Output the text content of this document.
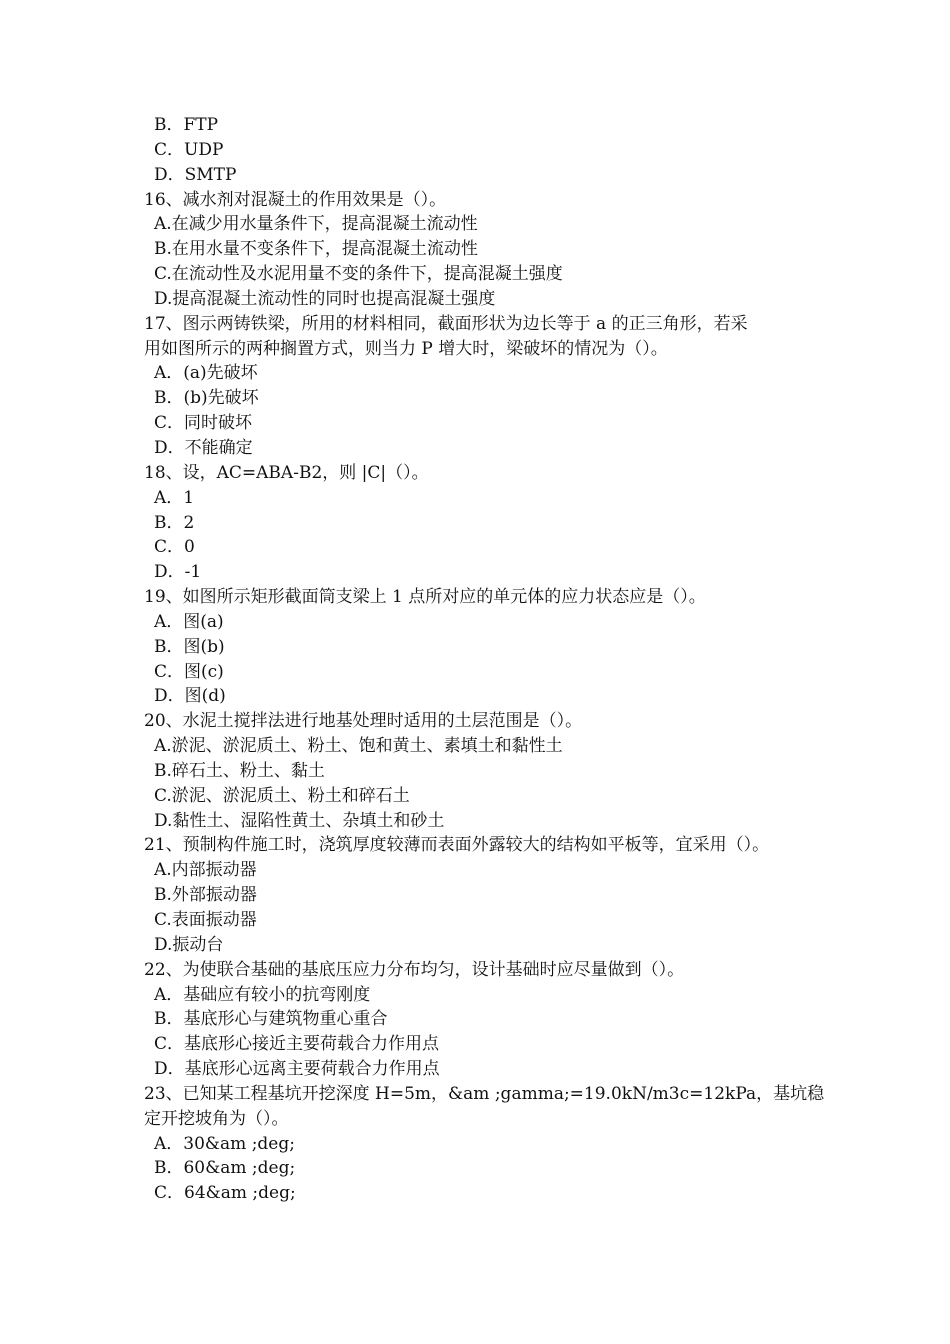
B．FTP
C．UDP
D．SMTP
16、减水剂对混凝土的作用效果是（）。
A.在减少用水量条件下，提高混凝土流动性
B.在用水量不变条件下，提高混凝土流动性
C.在流动性及水泥用量不变的条件下，提高混凝土强度
D.提高混凝土流动性的同时也提高混凝土强度
17、图示两铸铁梁，所用的材料相同，截面形状为边长等于 a 的正三角形，若采
用如图所示的两种搁置方式，则当力 P 增大时，梁破坏的情况为（）。
A．(a)先破坏
B．(b)先破坏
C．同时破坏
D．不能确定
18、设，AC=ABA-B2，则 |C|（）。
A．1
B．2
C．0
D．-1
19、如图所示矩形截面筒支梁上 1 点所对应的单元体的应力状态应是（）。
A．图(a)
B．图(b)
C．图(c)
D．图(d)
20、水泥土搅拌法进行地基处理时适用的土层范围是（）。
A.淤泥、淤泥质土、粉土、饱和黄土、素填土和黏性土
B.碎石土、粉土、黏土
C.淤泥、淤泥质土、粉土和碎石土
D.黏性土、湿陷性黄土、杂填土和砂土
21、预制构件施工时，浇筑厚度较薄而表面外露较大的结构如平板等，宜采用（）。
A.内部振动器
B.外部振动器
C.表面振动器
D.振动台
22、为使联合基础的基底压应力分布均匀，设计基础时应尽量做到（）。
A．基础应有较小的抗弯刚度
B．基底形心与建筑物重心重合
C．基底形心接近主要荷载合力作用点
D．基底形心远离主要荷载合力作用点
23、已知某工程基坑开挖深度 H=5m，&am ;gamma;=19.0kN/m3c=12kPa，基坑稳
定开挖坡角为（）。
A．30&am ;deg;
B．60&am ;deg;
C．64&am ;deg;
